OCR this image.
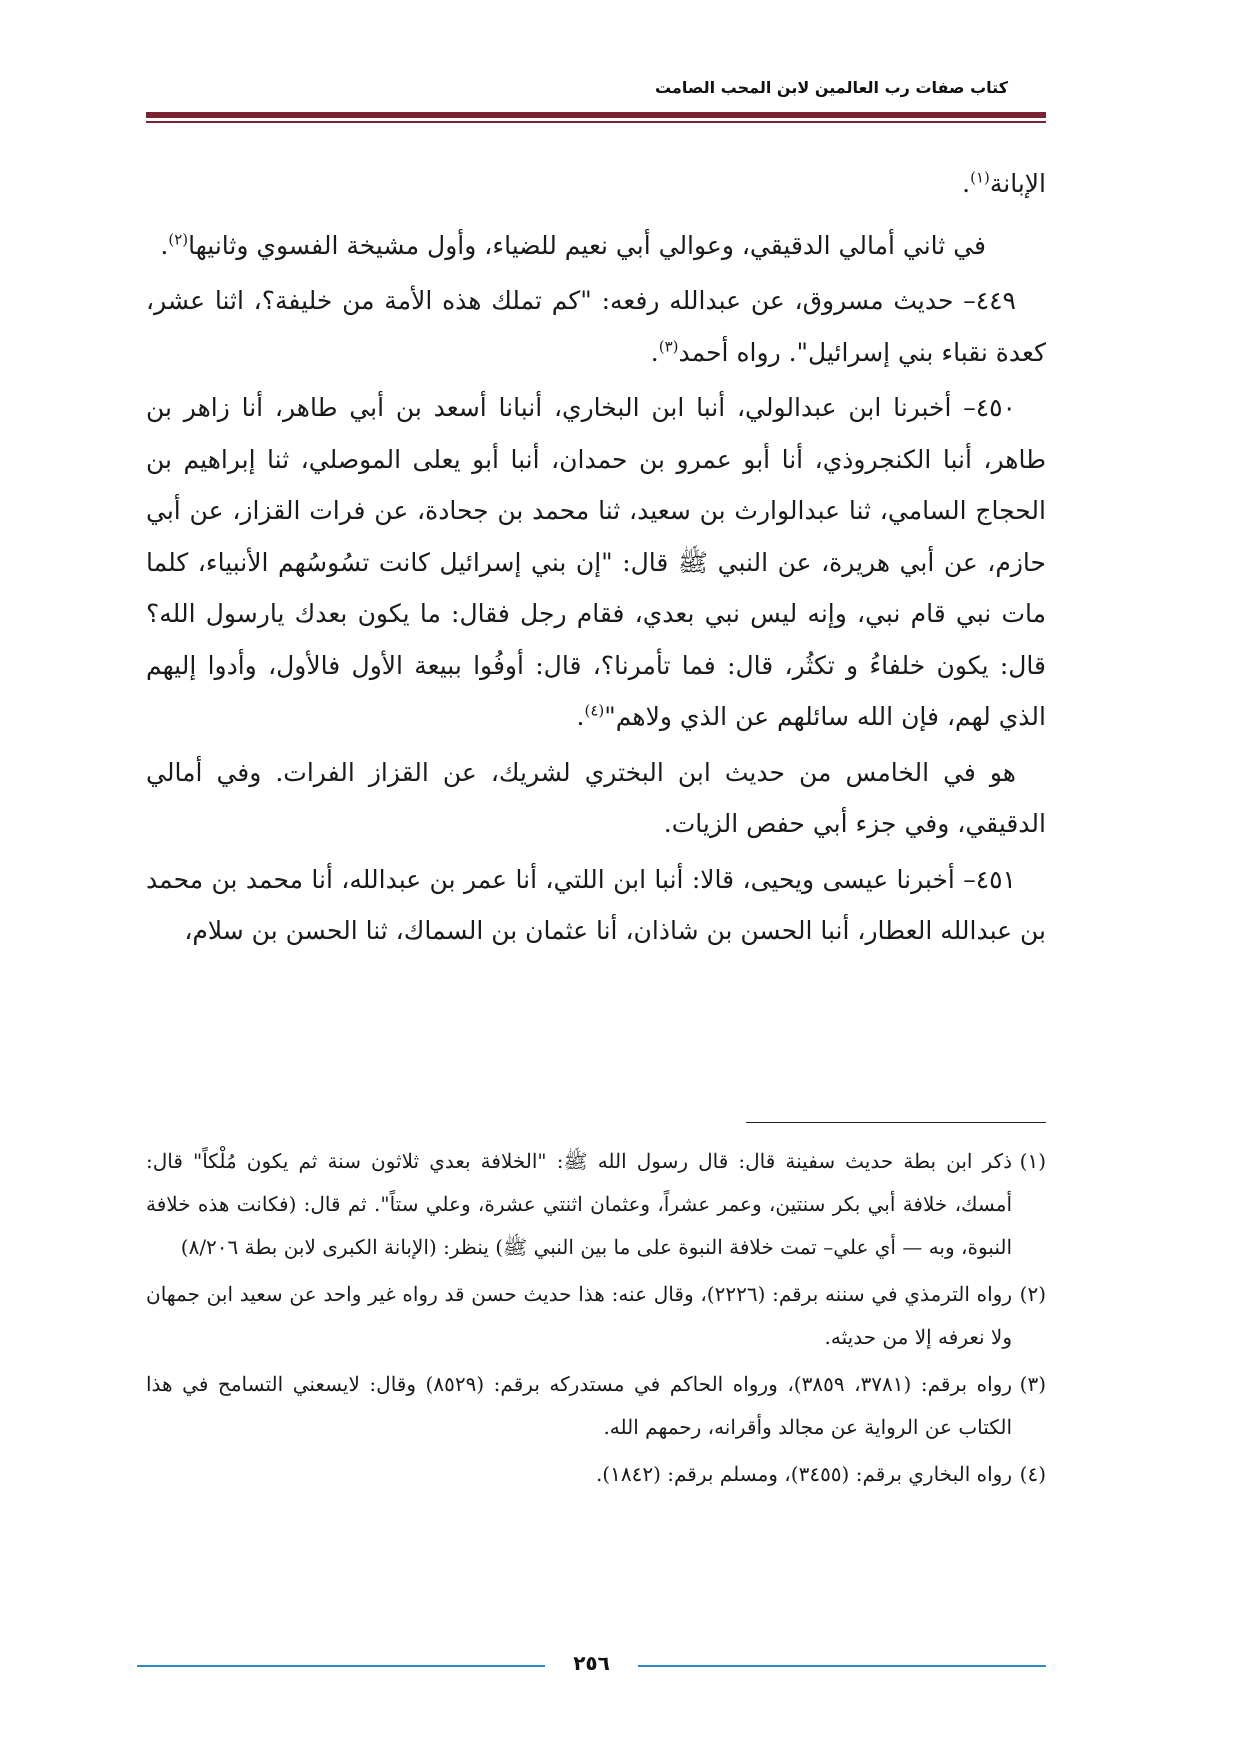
كتاب صفات رب العالمين لابن المحب الصامت

الإبانة$^{(١)}$.

في ثاني أمالي الدقيقي، وعوالي أبي نعيم للضياء، وأول مشيخة الفسوي وثانيها$^{(٢)}$.

٤٤٩– حديث مسروق، عن عبدالله رفعه: "كم تملك هذه الأمة من خليفة؟، اثنا عشر، كعدة نقباء بني إسرائيل". رواه أحمد$^{(٣)}$.

٤٥٠– أخبرنا ابن عبدالولي، أنبا ابن البخاري، أنبانا أسعد بن أبي طاهر، أنا زاهر بن طاهر، أنبا الكنجروذي، أنا أبو عمرو بن حمدان، أنبا أبو يعلى الموصلي، ثنا إبراهيم بن الحجاج السامي، ثنا عبدالوارث بن سعيد، ثنا محمد بن جحادة، عن فرات القزاز، عن أبي حازم، عن أبي هريرة، عن النبي ﷺ قال: "إن بني إسرائيل كانت تسُوسُهم الأنبياء، كلما مات نبي قام نبي، وإنه ليس نبي بعدي، فقام رجل فقال: ما يكون بعدك يارسول الله؟ قال: يكون خلفاءُ و تكثُر، قال: فما تأمرنا؟، قال: أوفُوا ببيعة الأول فالأول، وأدوا إليهم الذي لهم، فإن الله سائلهم عن الذي ولاهم"$^{(٤)}$.

هو في الخامس من حديث ابن البختري لشريك، عن القزاز الفرات. وفي أمالي الدقيقي، وفي جزء أبي حفص الزيات.

٤٥١– أخبرنا عيسى ويحيى، قالا: أنبا ابن اللتي، أنا عمر بن عبدالله، أنا محمد بن محمد بن عبدالله العطار، أنبا الحسن بن شاذان، أنا عثمان بن السماك، ثنا الحسن بن سلام،

(١)
ذكر ابن بطة حديث سفينة قال: قال رسول الله ﷺ: "الخلافة بعدي ثلاثون سنة ثم يكون مُلْكاً" قال: أمسك، خلافة أبي بكر سنتين، وعمر عشراً، وعثمان اثنتي عشرة، وعلي ستاً". ثم قال: (فكانت هذه خلافة النبوة، وبه — أي علي– تمت خلافة النبوة على ما بين النبي ﷺ) ينظر: (الإبانة الكبرى لابن بطة ٨/٢٠٦)
(٢)
رواه الترمذي في سننه برقم: (٢٢٢٦)، وقال عنه: هذا حديث حسن قد رواه غير واحد عن سعيد ابن جمهان ولا نعرفه إلا من حديثه.
(٣)
رواه برقم: (٣٧٨١، ٣٨٥٩)، ورواه الحاكم في مستدركه برقم: (٨٥٢٩) وقال: لايسعني التسامح في هذا الكتاب عن الرواية عن مجالد وأقرانه، رحمهم الله.
(٤)
رواه البخاري برقم: (٣٤٥٥)، ومسلم برقم: (١٨٤٢).
٢٥٦
